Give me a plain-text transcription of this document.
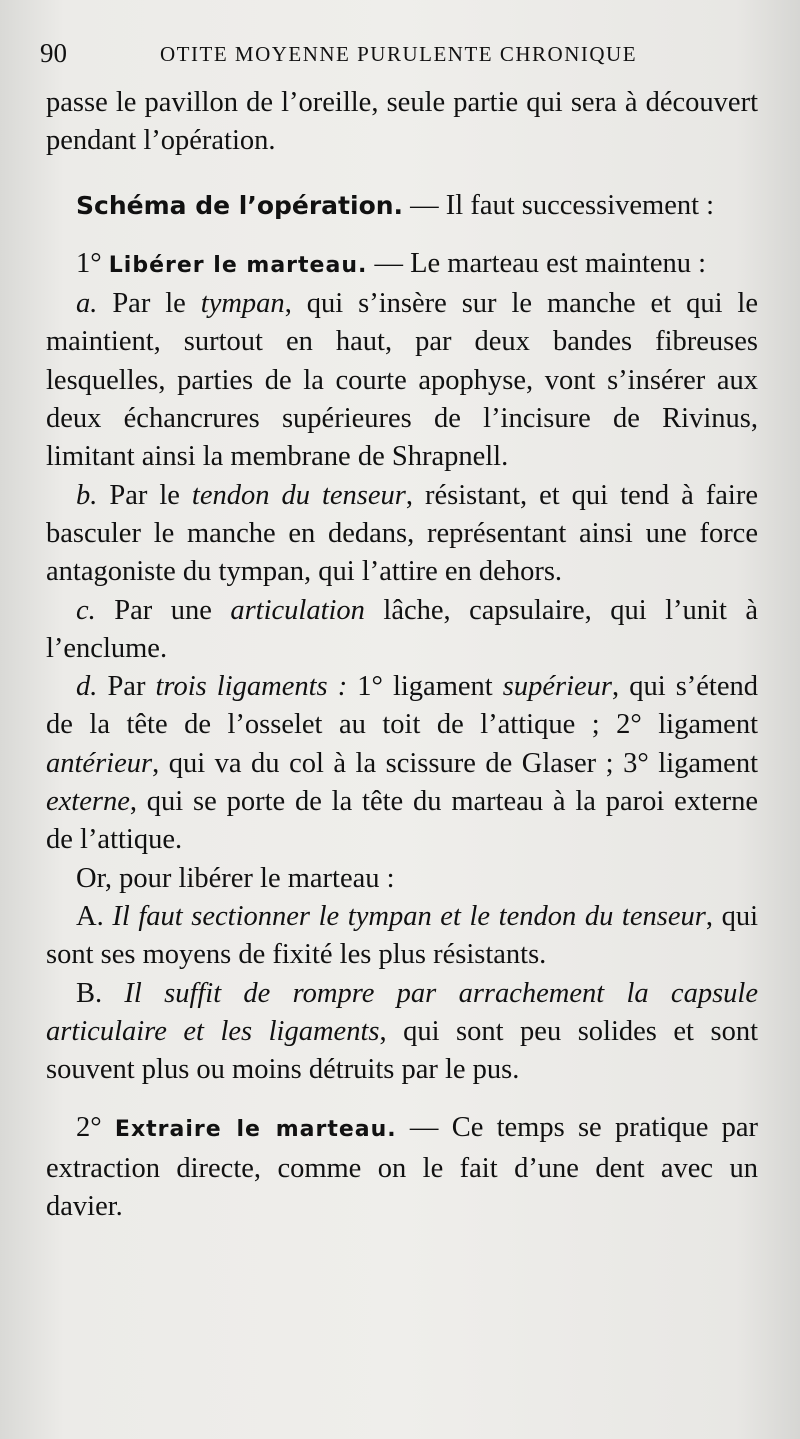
90	OTITE MOYENNE PURULENTE CHRONIQUE

passe le pavillon de l’oreille, seule partie qui sera à découvert pendant l’opération.

Schéma de l’opération. — Il faut successivement :

1° Libérer le marteau. — Le marteau est maintenu :

a. Par le tympan, qui s’insère sur le manche et qui le maintient, surtout en haut, par deux bandes fibreuses lesquelles, parties de la courte apophyse, vont s’insérer aux deux échancrures supérieures de l’incisure de Rivinus, limitant ainsi la membrane de Shrapnell.

b. Par le tendon du tenseur, résistant, et qui tend à faire basculer le manche en dedans, représentant ainsi une force antagoniste du tympan, qui l’attire en dehors.

c. Par une articulation lâche, capsulaire, qui l’unit à l’enclume.

d. Par trois ligaments : 1° ligament supérieur, qui s’étend de la tête de l’osselet au toit de l’attique ; 2° ligament antérieur, qui va du col à la scissure de Glaser ; 3° ligament externe, qui se porte de la tête du marteau à la paroi externe de l’attique.

Or, pour libérer le marteau :

A. Il faut sectionner le tympan et le tendon du tenseur, qui sont ses moyens de fixité les plus résistants.

B. Il suffit de rompre par arrachement la capsule articulaire et les ligaments, qui sont peu solides et sont souvent plus ou moins détruits par le pus.

2° Extraire le marteau. — Ce temps se pratique par extraction directe, comme on le fait d’une dent avec un davier.
